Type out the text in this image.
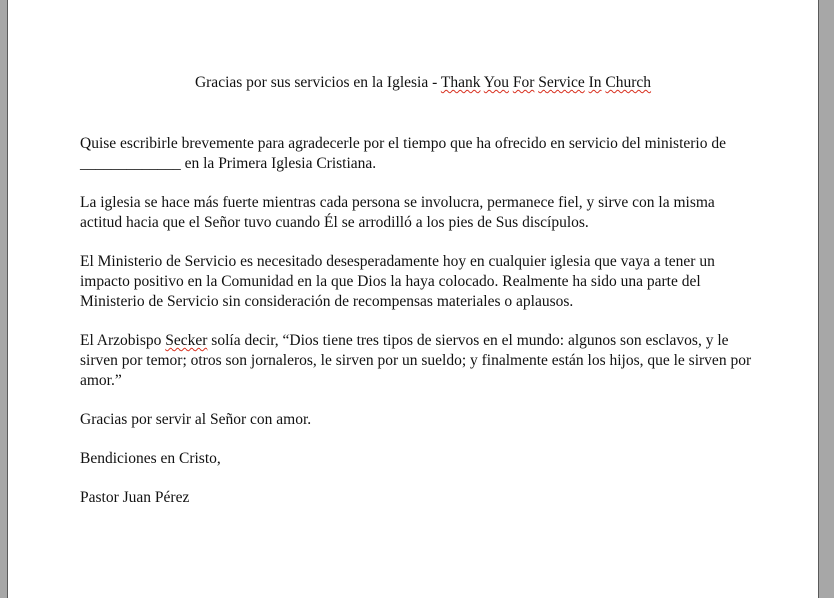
Gracias por sus servicios en la Iglesia - Thank You For Service In Church

Quise escribirle brevemente para agradecerle por el tiempo que ha ofrecido en servicio del ministerio de _____________ en la Primera Iglesia Cristiana.

La iglesia se hace más fuerte mientras cada persona se involucra, permanece fiel, y sirve con la misma actitud hacia que el Señor tuvo cuando Él se arrodilló a los pies de Sus discípulos.

El Ministerio de Servicio es necesitado desesperadamente hoy en cualquier iglesia que vaya a tener un impacto positivo en la Comunidad en la que Dios la haya colocado. Realmente ha sido una parte del Ministerio de Servicio sin consideración de recompensas materiales o aplausos.

El Arzobispo Secker solía decir, “Dios tiene tres tipos de siervos en el mundo: algunos son esclavos, y le sirven por temor; otros son jornaleros, le sirven por un sueldo; y finalmente están los hijos, que le sirven por amor.”

Gracias por servir al Señor con amor.

Bendiciones en Cristo,

Pastor Juan Pérez
